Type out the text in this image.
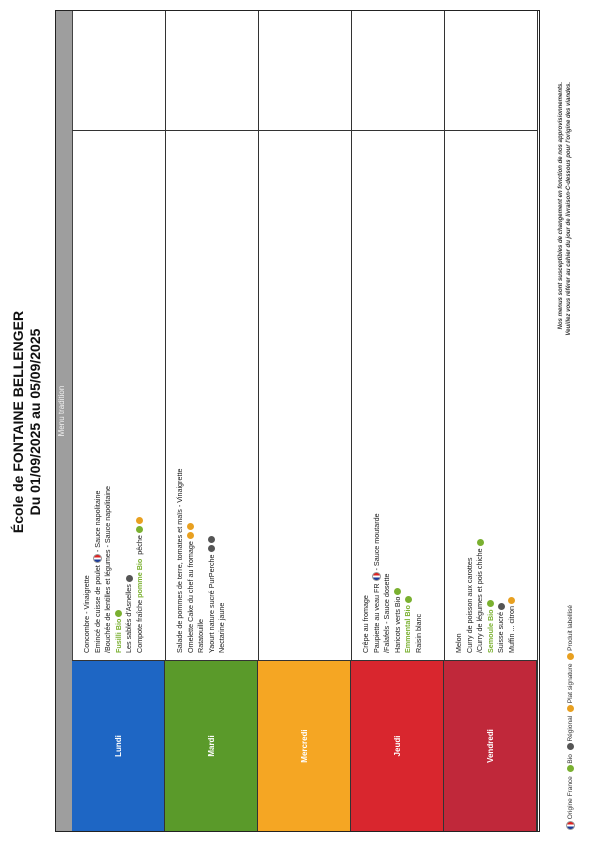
École de FONTAINE BELLENGER Du 01/09/2025 au 05/09/2025 Menu tradition
Lundi
Concombre - Vinaigrette Emincé de cuisse de poulet- Sauce napolitaine /Bouchée de lentilles et légumes - Sauce napolitaine Fusilli Bio Les sablés d'Asnelles Compote fraîche pomme Bio pêche
Mardi
Salade de pommes de terre, tomates et maïs - Vinaigrette Omelette Cake du chef au fromage Ratatouille Yaourt nature sucré PurPerche Nectarine jaune
Mercredi	Jeudi
Crêpe au fromage Paupiette au veau FR- Sauce moutarde
/Falafels - Sauce dosette Haricots verts Bio Emmental Bio Raisin blanc
Vendredi
Melon Curry de poisson aux carottes /Curry de légumes et pois chiche Semoule Bio Suisse sucré Muffin... citron
Origine France  Bio  Régional  Plat signature  Produit labellisé
Nos menus sont susceptibles de changement en fonction de nos approvisionnements. Veuillez vous référer au cahier du jour de livraison-C-dessous pour l'origine des viandes.
